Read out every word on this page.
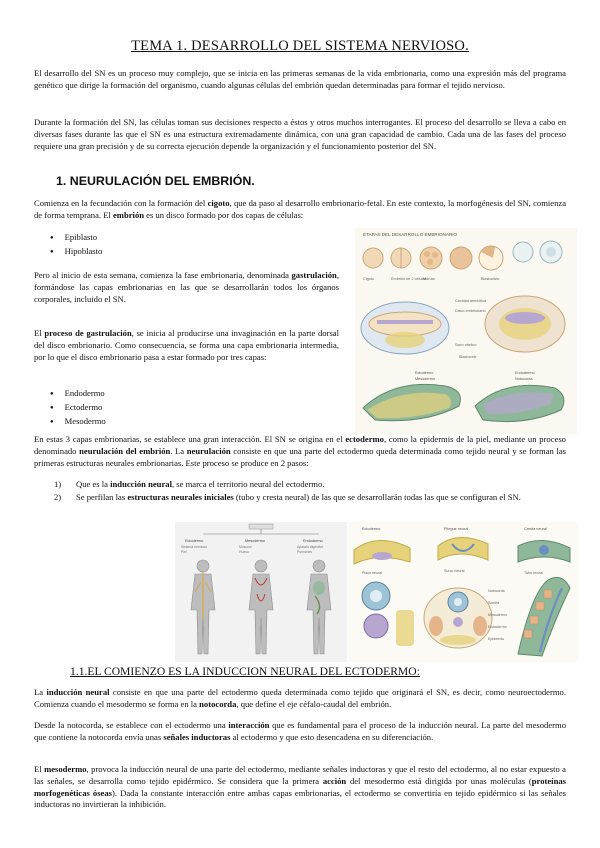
TEMA 1. DESARROLLO DEL SISTEMA NERVIOSO.

El desarrollo del SN es un proceso muy complejo, que se inicia en las primeras semanas de la vida embrionaria, como una expresión más del programa genético que dirige la formación del organismo, cuando algunas células del embrión quedan determinadas para formar el tejido nervioso.

Durante la formación del SN, las células toman sus decisiones respecto a éstos y otros muchos interrogantes. El proceso del desarrollo se lleva a cabo en diversas fases durante las que el SN es una estructura extremadamente dinámica, con una gran capacidad de cambio. Cada una de las fases del proceso requiere una gran precisión y de su correcta ejecución depende la organización y el funcionamiento posterior del SN.

1. NEURULACIÓN DEL EMBRIÓN.

Comienza en la fecundación con la formación del cigoto, que da paso al desarrollo embrionario-fetal. En este contexto, la morfogénesis del SN, comienza de forma temprana. El embrión es un disco formado por dos capas de células:

● Epiblasto
● Hipoblasto

Pero al inicio de esta semana, comienza la fase embrionaria, denominada gastrulación, formándose las capas embrionarias en las que se desarrollarán todos los órganos corporales, incluido el SN.

El proceso de gastrulación, se inicia al producirse una invaginación en la parte dorsal del disco embrionario. Como consecuencia, se forma una capa embrionaria intermedia, por lo que el disco embrionario pasa a estar formado por tres capas:

● Endodermo
● Ectodermo
● Mesodermo
ETAPAS DEL DESARROLLO EMBRIONARIO
Cigoto	Embrión de 2 células
Mórula	Blastocisto
Cavidad amniótica
Disco embrionario
Saco vitelino
Blastocele
Ectodermo
Mesodermo
Endodermo
Notocorda

En estas 3 capas embrionarias, se establece una gran interacción. El SN se origina en el ectodermo, como la epidermis de la piel, mediante un proceso denominado neurulación del embrión. La neurulación consiste en que una parte del ectodermo queda determinada como tejido neural y se forman las primeras estructuras neurales embrionarias. Este proceso se produce en 2 pasos:

1) Que es la inducción neural, se marca el territorio neural del ectodermo.
2) Se perfilan las estructuras neurales iniciales (tubo y cresta neural) de las que se desarrollarán todas las que se configuran el SN.
Ectodermo	Mesodermo	Endodermo
Sistema nervioso
Piel
Músculo
Hueso
Aparato digestivo
Pulmones
Ectodermo	Pliegue neural	Cresta neural
Placa neural	Surco neural	Tubo neural
Notocorda
Somita
Mesodermo
Endodermo
Epidermis

1.1.EL COMIENZO ES LA INDUCCION NEURAL DEL ECTODERMO:

La inducción neural consiste en que una parte del ectodermo queda determinada como tejido que originará el SN, es decir, como neuroectodermo. Comienza cuando el mesodermo se forma en la notocorda, que define el eje céfalo-caudal del embrión.

Desde la notocorda, se establece con el ectodermo una interacción que es fundamental para el proceso de la inducción neural. La parte del mesodermo que contiene la notocorda envía unas señales inductoras al ectodermo y que esto desencadena en su diferenciación.

El mesodermo, provoca la inducción neural de una parte del ectodermo, mediante señales inductoras y que el resto del ectodermo, al no estar expuesto a las señales, se desarrolla como tejido epidérmico. Se considera que la primera acción del mesodermo está dirigida por unas moléculas (proteínas morfogenéticas óseas). Dada la constante interacción entre ambas capas embrionarias, el ectodermo se convertiría en tejido epidérmico si las señales inductoras no invirtieran la inhibición.
